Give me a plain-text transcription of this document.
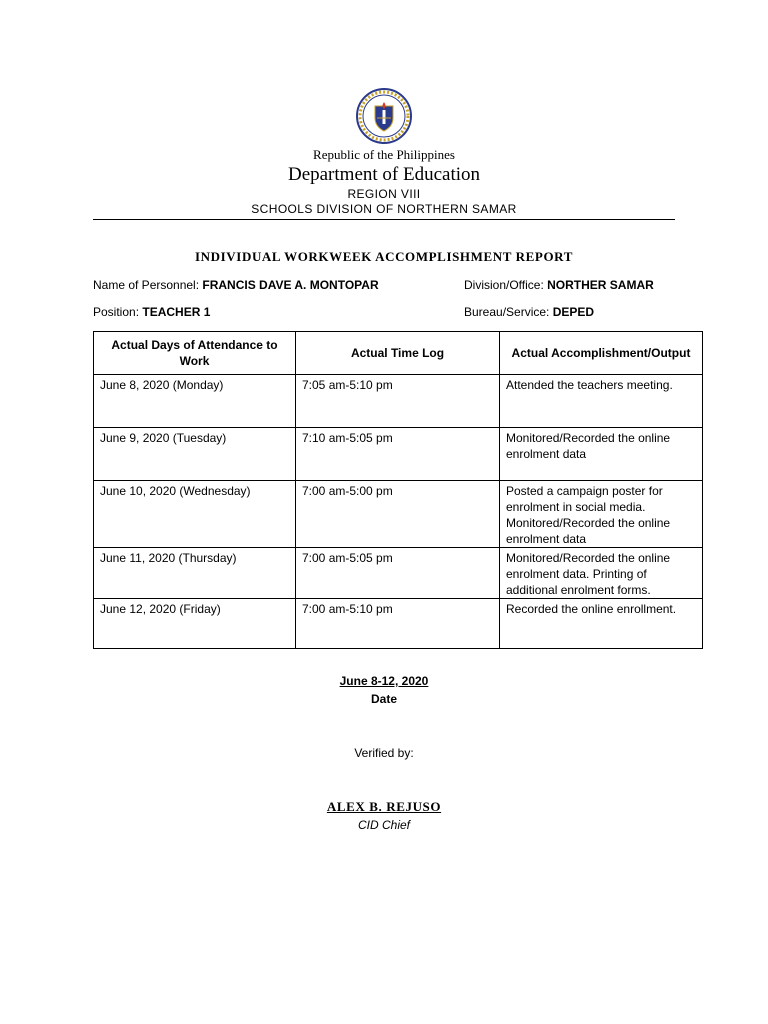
Republic of the Philippines
Department of Education
REGION VIII
SCHOOLS DIVISION OF NORTHERN SAMAR
INDIVIDUAL WORKWEEK ACCOMPLISHMENT REPORT
Name of Personnel: FRANCIS DAVE A. MONTOPAR	Division/Office: NORTHER SAMAR
Position: TEACHER 1	Bureau/Service: DEPED
Actual Days of Attendance to Work	Actual Time Log	Actual Accomplishment/Output
June 8, 2020 (Monday)	7:05 am-5:10 pm	Attended the teachers meeting.
June 9, 2020 (Tuesday)	7:10 am-5:05 pm	Monitored/Recorded the online enrolment data
June 10, 2020 (Wednesday)	7:00 am-5:00 pm	Posted a campaign poster for enrolment in social media. Monitored/Recorded the online enrolment data
June 11, 2020 (Thursday)	7:00 am-5:05 pm	Monitored/Recorded the online enrolment data. Printing of additional enrolment forms.
June 12, 2020 (Friday)	7:00 am-5:10 pm	Recorded the online enrollment.
June 8-12, 2020
Date
Verified by:
ALEX B. REJUSO
CID Chief
